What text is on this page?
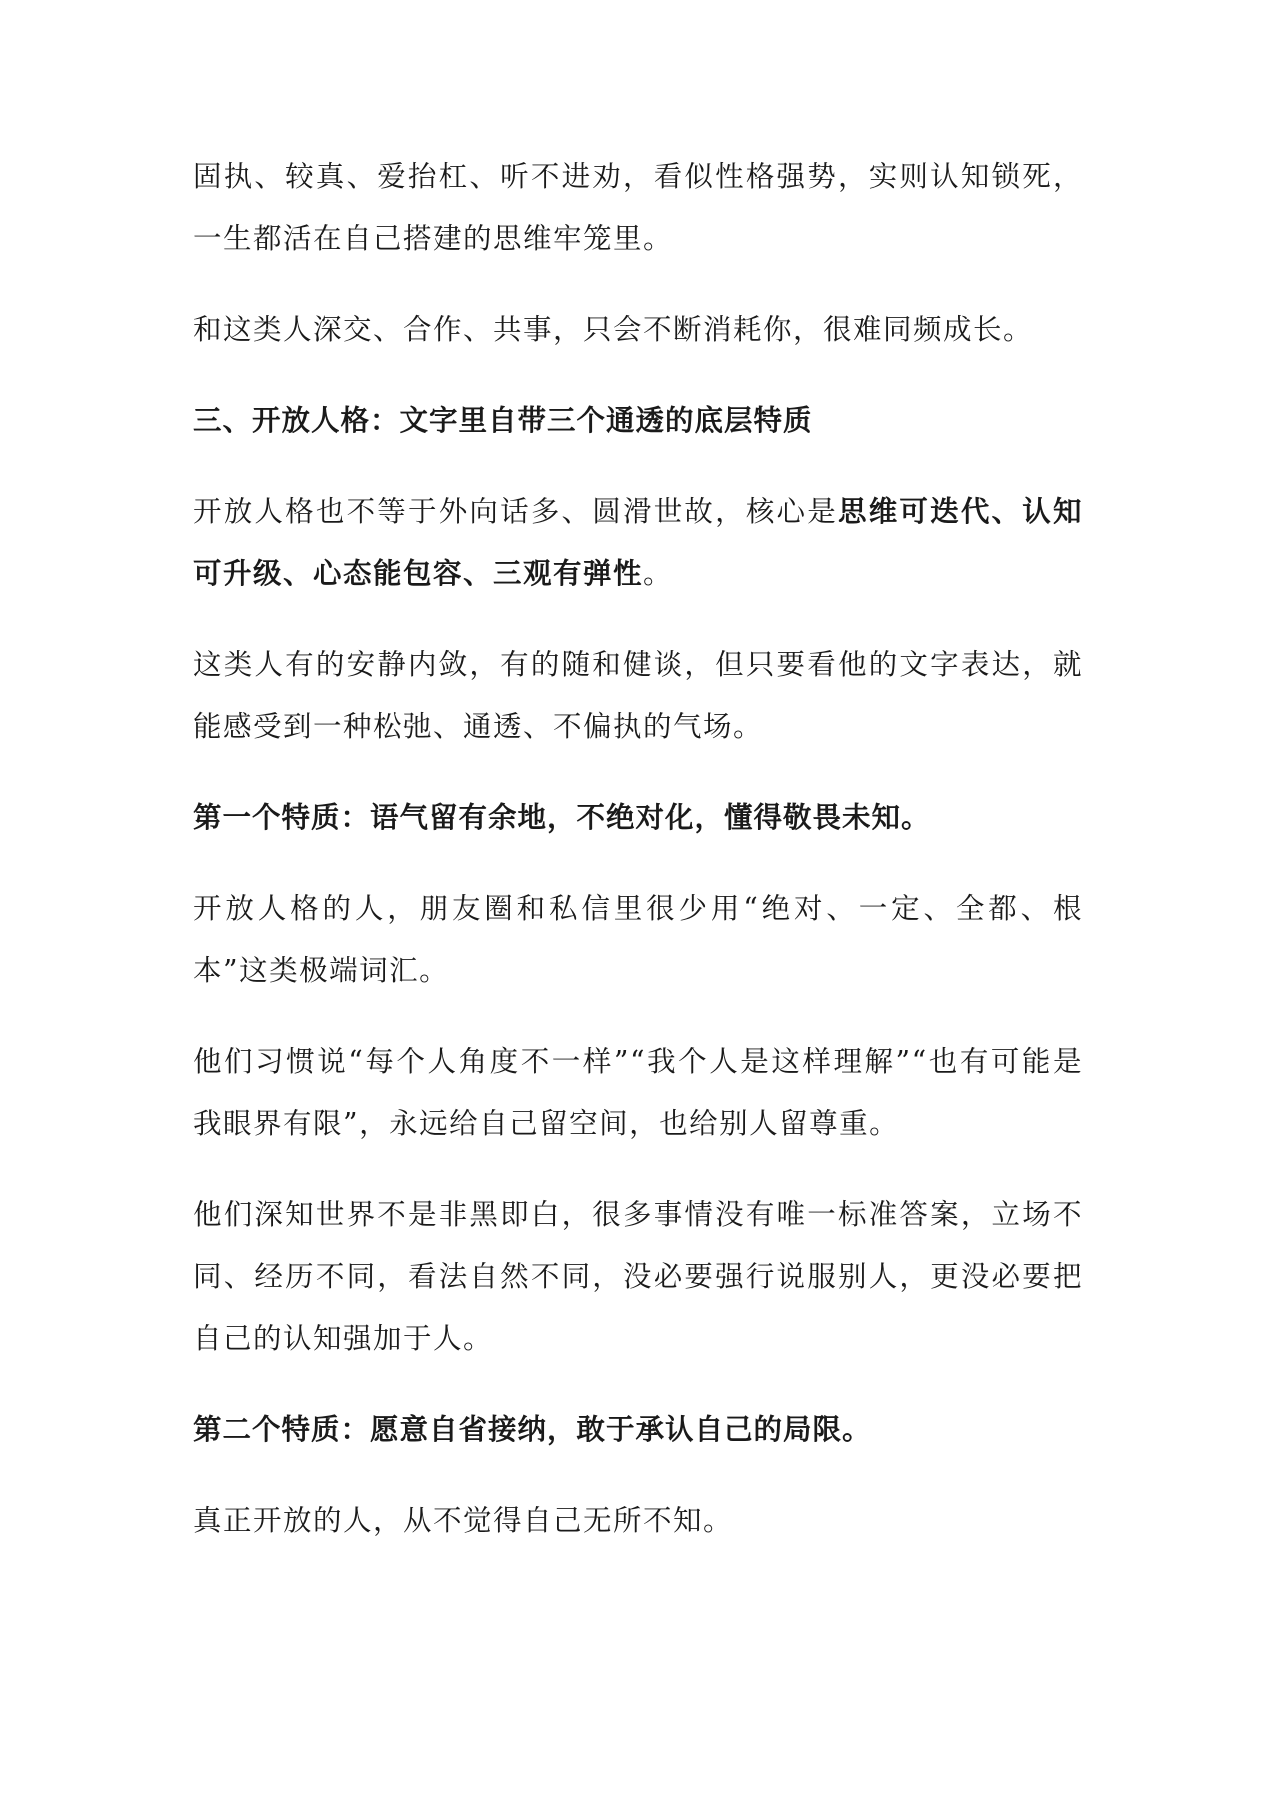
固执、较真、爱抬杠、听不进劝，看似性格强势，实则认知锁死，一生都活在自己搭建的思维牢笼里。

和这类人深交、合作、共事，只会不断消耗你，很难同频成长。

三、开放人格：文字里自带三个通透的底层特质

开放人格也不等于外向话多、圆滑世故，核心是思维可迭代、认知可升级、心态能包容、三观有弹性。

这类人有的安静内敛，有的随和健谈，但只要看他的文字表达，就能感受到一种松弛、通透、不偏执的气场。

第一个特质：语气留有余地，不绝对化，懂得敬畏未知。

开放人格的人，朋友圈和私信里很少用“绝对、一定、全都、根本”这类极端词汇。

他们习惯说“每个人角度不一样”“我个人是这样理解”“也有可能是我眼界有限”，永远给自己留空间，也给别人留尊重。

他们深知世界不是非黑即白，很多事情没有唯一标准答案，立场不同、经历不同，看法自然不同，没必要强行说服别人，更没必要把自己的认知强加于人。

第二个特质：愿意自省接纳，敢于承认自己的局限。

真正开放的人，从不觉得自己无所不知。
